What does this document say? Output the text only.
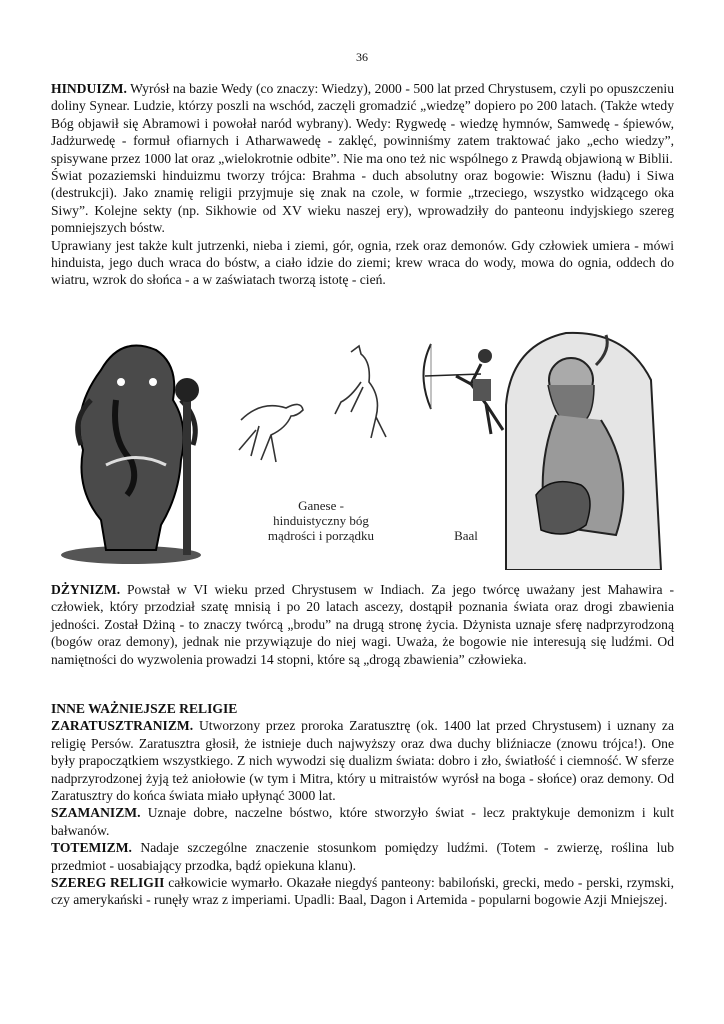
36

HINDUIZM. Wyrósł na bazie Wedy (co znaczy: Wiedzy), 2000 - 500 lat przed Chrystusem, czyli po opuszczeniu doliny Synear. Ludzie, którzy poszli na wschód, zaczęli gromadzić „wiedzę” dopiero po 200 latach. (Także wtedy Bóg objawił się Abramowi i powołał naród wybrany). Wedy: Rygwedę - wiedzę hymnów, Samwedę - śpiewów, Jadżurwedę - formuł ofiarnych i Atharwawedę - zaklęć, powinniśmy zatem traktować jako „echo wiedzy”, spisywane przez 1000 lat oraz „wielokrotnie odbite”. Nie ma ono też nic wspólnego z Prawdą objawioną w Biblii.

Świat pozaziemski hinduizmu tworzy trójca: Brahma - duch absolutny oraz bogowie: Wisznu (ładu) i Siwa (destrukcji). Jako znamię religii przyjmuje się znak na czole, w formie „trzeciego, wszystko widzącego oka Siwy”. Kolejne sekty (np. Sikhowie od XV wieku naszej ery), wprowadziły do panteonu indyjskiego szereg pomniejszych bóstw.

Uprawiany jest także kult jutrzenki, nieba i ziemi, gór, ognia, rzek oraz demonów. Gdy człowiek umiera - mówi hinduista, jego duch wraca do bóstw, a ciało idzie do ziemi; krew wraca do wody, mowa do ognia, oddech do wiatru, wzrok do słońca - a w zaświatach tworzą istotę - cień.

Ganese -
hinduistyczny bóg
mądrości i porządku	Baal

DŻYNIZM. Powstał w VI wieku przed Chrystusem w Indiach. Za jego twórcę uważany jest Mahawira - człowiek, który przodział szatę mnisią i po 20 latach ascezy, dostąpił poznania świata oraz drogi zbawienia jedności. Został Dżiną - to znaczy twórcą „brodu” na drugą stronę życia. Dżynista uznaje sferę nadprzyrodzoną (bogów oraz demony), jednak nie przywiązuje do niej wagi. Uważa, że bogowie nie interesują się ludźmi. Od namiętności do wyzwolenia prowadzi 14 stopni, które są „drogą zbawienia” człowieka.

INNE WAŻNIEJSZE RELIGIE

ZARATUSZTRANIZM. Utworzony przez proroka Zaratusztrę (ok. 1400 lat przed Chrystusem) i uznany za religię Persów. Zaratusztra głosił, że istnieje duch najwyższy oraz dwa duchy bliźniacze (znowu trójca!). One były prapoczątkiem wszystkiego. Z nich wywodzi się dualizm świata: dobro i zło, światłość i ciemność. W sferze nadprzyrodzonej żyją też aniołowie (w tym i Mitra, który u mitraistów wyrósł na boga - słońce) oraz demony. Od Zaratusztry do końca świata miało upłynąć 3000 lat.

SZAMANIZM. Uznaje dobre, naczelne bóstwo, które stworzyło świat - lecz praktykuje demonizm i kult bałwanów.

TOTEMIZM. Nadaje szczególne znaczenie stosunkom pomiędzy ludźmi. (Totem - zwierzę, roślina lub przedmiot - uosabiający przodka, bądź opiekuna klanu).

SZEREG RELIGII całkowicie wymarło. Okazałe niegdyś panteony: babiloński, grecki, medo - perski, rzymski, czy amerykański - runęły wraz z imperiami. Upadli: Baal, Dagon i Artemida - popularni bogowie Azji Mniejszej.
